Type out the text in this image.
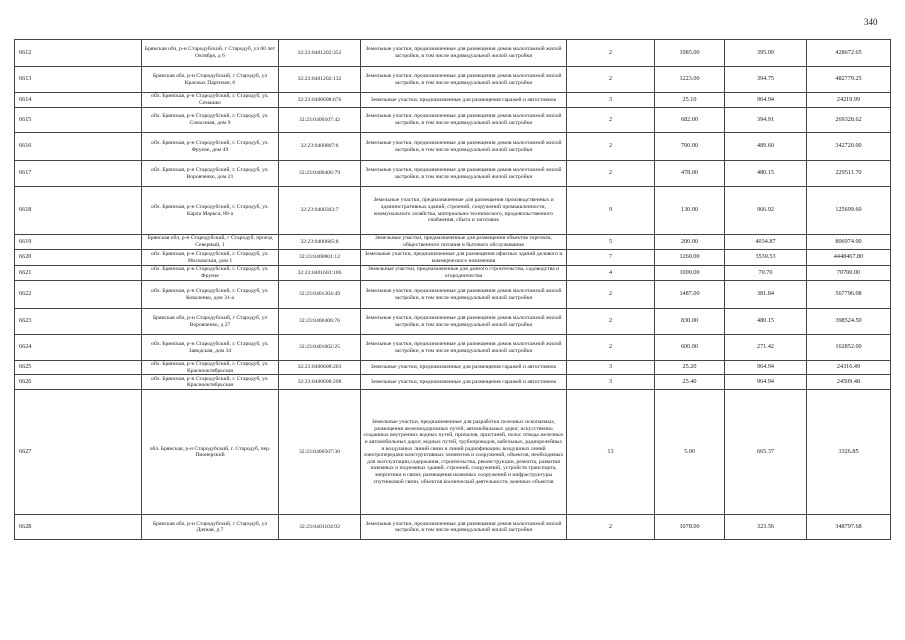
340
6612	Брянская обл, р-н Стародубский, г Стародуб, ул 60 лет Октября, д 6	32:23:0401202:352	Земельные участки, предназначенные для размещения домов малоэтажной жилой застройки, в том числе индивидуальной жилой застройки	2	1085.00	395.09	428672.65
6613	Брянская обл, р-н Стародубский, г Стародуб, ул Красных Партизан, 6	32:23:0401202:132	Земельные участки, предназначенные для размещения домов малоэтажной жилой застройки, в том числе индивидуальной жилой застройки	2	1223.00	394.75	482779.25
6614	обл. Брянская, р-н Стародубский, г. Стародуб, ул. Семашко	32:23:0400608:676	Земельные участки, предназначенные для размещения гаражей и автостоянок	3	25.10	964.94	24219.99
6615	обл. Брянская, р-н Стародубский, г. Стародуб, ул. Совхозная, дом 9	32:23:0400107:42	Земельные участки, предназначенные для размещения домов малоэтажной жилой застройки, в том числе индивидуальной жилой застройки	2	682.00	394.91	269328.62
6616	обл. Брянская, р-н Стародубский, г. Стародуб, ул. Фрунзе, дом 49	32:23:0400807:6	Земельные участки, предназначенные для размещения домов малоэтажной жилой застройки, в том числе индивидуальной жилой застройки	2	700.00	489.60	342720.00
6617	обл. Брянская, р-н Стародубский, г. Стародуб, ул. Воровченко, дом 21	32:23:0400406:79	Земельные участки, предназначенные для размещения домов малоэтажной жилой застройки, в том числе индивидуальной жилой застройки	2	478.00	480.15	229511.70
6618	обл. Брянская, р-н Стародубский, г. Стародуб, ул. Карла Маркса, 80-а	32:23:0400303:7	Земельные участки, предназначенные для размещения производственных и административных зданий, строений, сооружений промышленности, коммунального хозяйства, материально-технического, продовольственного снабжения, сбыта и заготовок	9	130.00	966.92	125699.60
6619	Брянская обл, р-н Стародубский, г Стародуб, проезд Северный, 1	32:23:0400605:8	Земельные участки, предназначенные для размещения объектов торговли, общественного питания и бытового обслуживания	5	200.00	4034.87	806974.00
6620	обл. Брянская, р-н Стародубский, г. Стародуб, ул. Московская, дом 1	32:23:0400801:12	Земельные участки, предназначенные для размещения офисных зданий делового и коммерческого назначения	7	1260.00	3530.53	4448467.80
6621	обл. Брянская, р-н Стародубский, г. Стародуб, ул. Фрунзе	32:23:0401603:106	Земельные участки, предназначенные для дачного строительства, садоводства и огородничества	4	1000.00	70.70	70700.00
6622	обл. Брянская, р-н Стародубский, г. Стародуб, ул. Коваленко, дом 31-а	32:23:0401304:49	Земельные участки, предназначенные для размещения домов малоэтажной жилой застройки, в том числе индивидуальной жилой застройки	2	1487.00	381.84	567796.08
6623	Брянская обл, р-н Стародубский, г Стародуб, ул Воровченко, д 27	32:23:0400406:76	Земельные участки, предназначенные для размещения домов малоэтажной жилой застройки, в том числе индивидуальной жилой застройки	2	830.00	480.15	398524.50
6624	обл. Брянская, р-н Стародубский, г. Стародуб, ул. Заводская, дом 34	32:23:0401002:25	Земельные участки, предназначенные для размещения домов малоэтажной жилой застройки, в том числе индивидуальной жилой застройки	2	600.00	271.42	162852.00
6625	обл. Брянская, р-н Стародубский, г. Стародуб, ул. Краснооктябрьская	32:23:0400608:203	Земельные участки, предназначенные для размещения гаражей и автостоянок	3	25.20	964.94	24316.49
6626	обл. Брянская, р-н Стародубский, г. Стародуб, ул. Краснооктябрьская	32:23:0400608:298	Земельные участки, предназначенные для размещения гаражей и автостоянок	3	25.40	964.94	24509.48
6627	обл. Брянская, р-н Стародубский, г. Стародуб, пер. Пионерский	32:23:0400507:30	Земельные участки, предназначенные для разработки полезных ископаемых, размещения железнодорожных путей, автомобильных дорог, искусственно созданных внутренних водных путей, причалов, пристаней, полос отвода железных и автомобильных дорог, водных путей, трубопроводов, кабельных, радиорелейных и воздушных линий связи и линий радиофикации, воздушных линий электропередачи конструктивных элементов и сооружений, объектов, необходимых для эксплуатации,содержания, строительства, реконструкции, ремонта, развития наземных и подземных зданий, строений, сооружений, устройств транспорта, энергетики и связи; размещения наземных сооружений и инфраструктуры спутниковой связи, объектов космической деятельности, военных объектов	13	5.00	665.37	3326.85
6628	Брянская обл, р-н Стародубский, г Стародуб, ул Дачная, д 7	32:23:0401104:92	Земельные участки, предназначенные для размещения домов малоэтажной жилой застройки, в том числе индивидуальной жилой застройки	2	1078.00	323.56	348797.68
